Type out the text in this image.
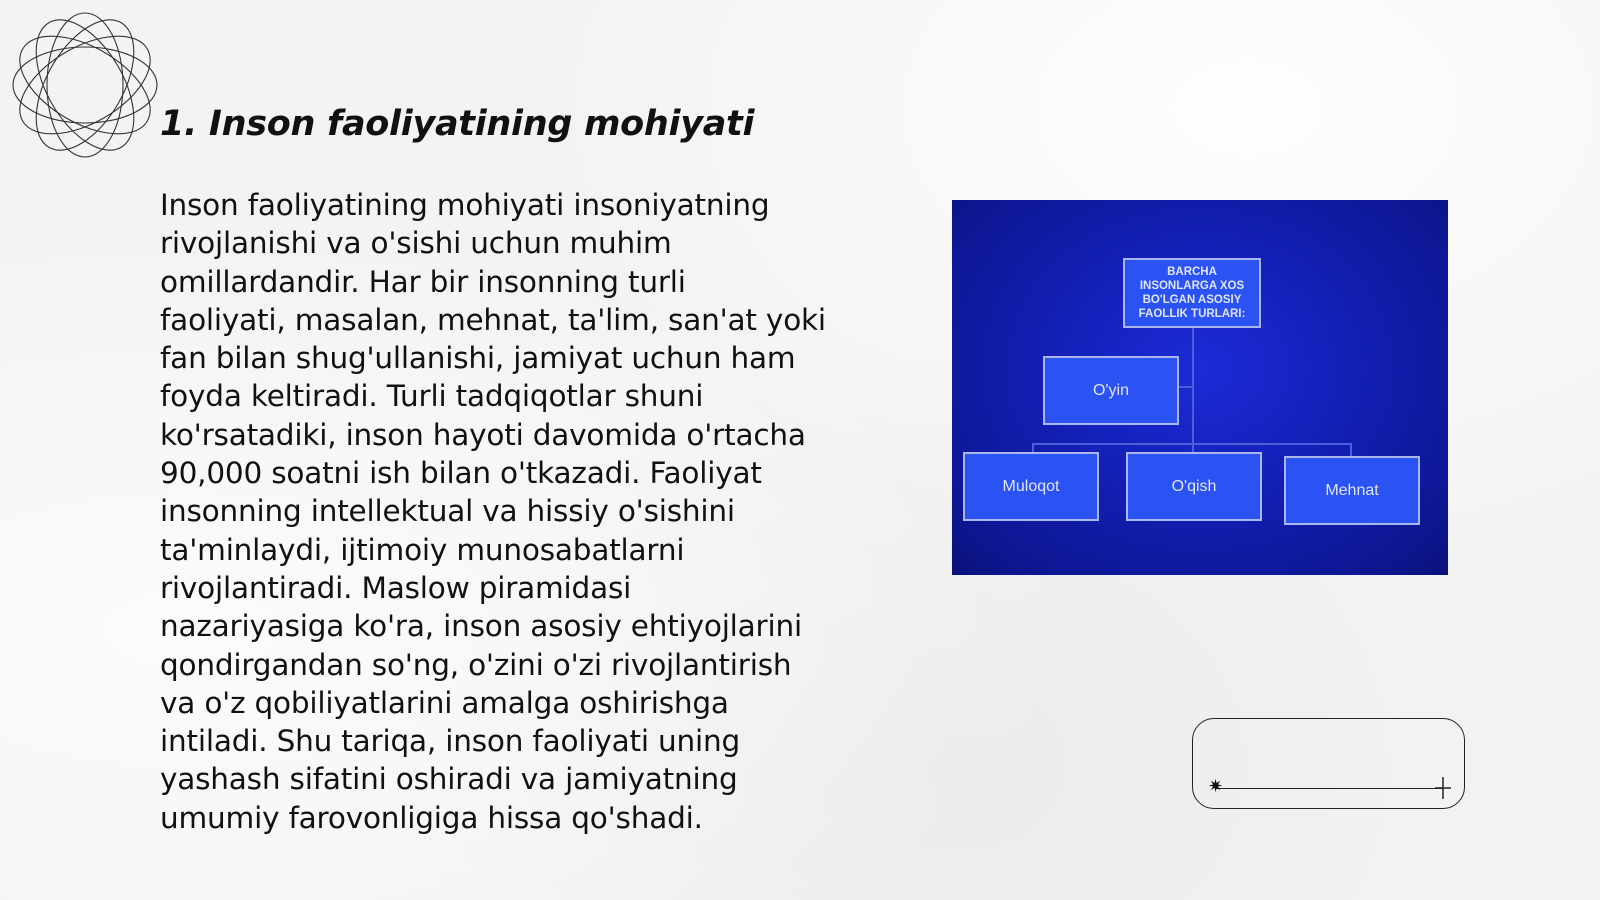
1. Inson faoliyatining mohiyati
Inson faoliyatining mohiyati insoniyatning
rivojlanishi va o'sishi uchun muhim
omillardandir. Har bir insonning turli
faoliyati, masalan, mehnat, ta'lim, san'at yoki
fan bilan shug'ullanishi, jamiyat uchun ham
foyda keltiradi. Turli tadqiqotlar shuni
ko'rsatadiki, inson hayoti davomida o'rtacha
90,000 soatni ish bilan o'tkazadi. Faoliyat
insonning intellektual va hissiy o'sishini
ta'minlaydi, ijtimoiy munosabatlarni
rivojlantiradi. Maslow piramidasi
nazariyasiga ko'ra, inson asosiy ehtiyojlarini
qondirgandan so'ng, o'zini o'zi rivojlantirish
va o'z qobiliyatlarini amalga oshirishga
intiladi. Shu tariqa, inson faoliyati uning
yashash sifatini oshiradi va jamiyatning
umumiy farovonligiga hissa qo'shadi.
BARCHA
INSONLARGA XOS
BO'LGAN ASOSIY
FAOLLIK TURLARI:
O'yin
Muloqot	O'qish	Mehnat
✷
